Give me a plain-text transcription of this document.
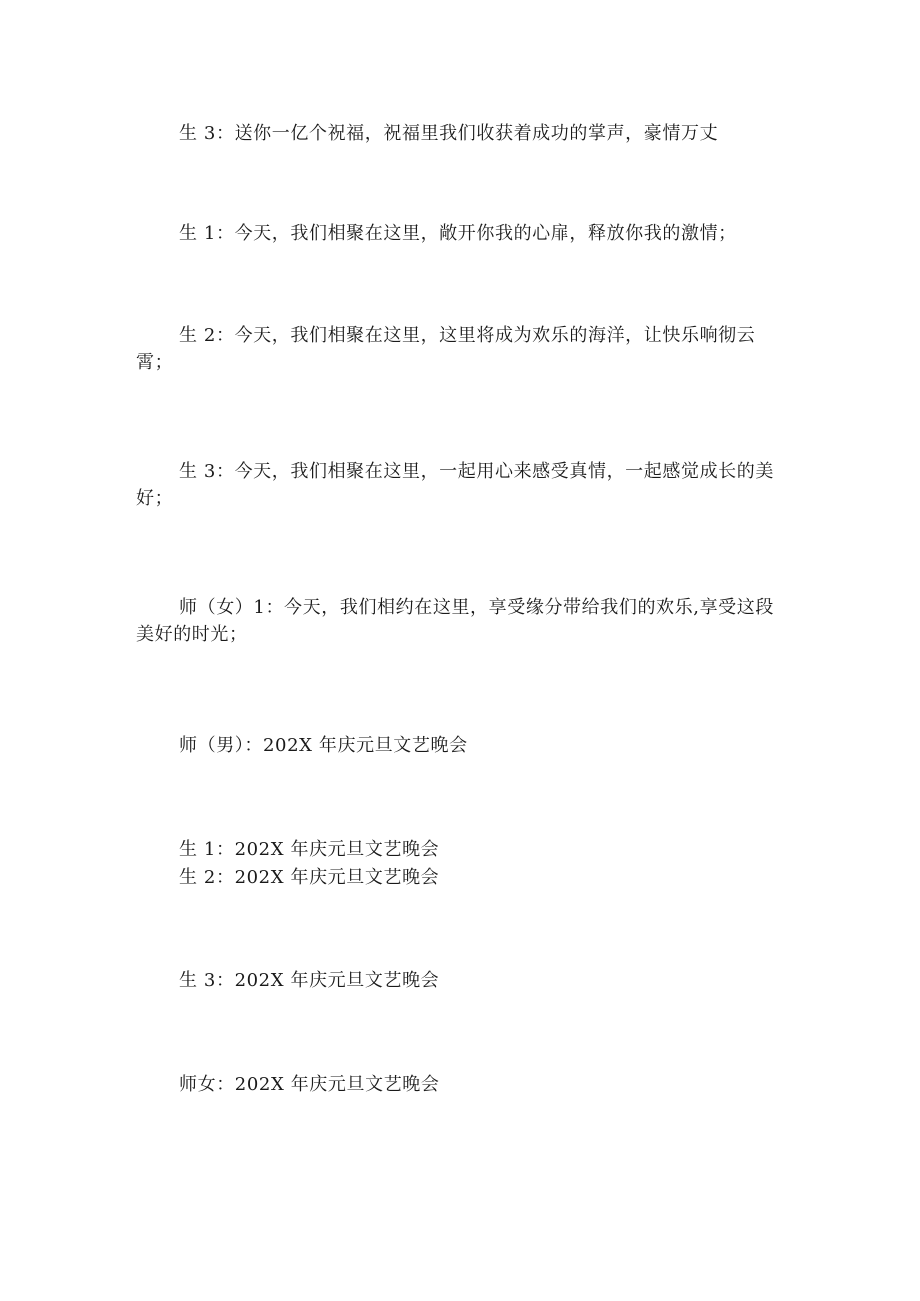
生 3：送你一亿个祝福，祝福里我们收获着成功的掌声，豪情万丈

生 1：今天，我们相聚在这里，敞开你我的心扉，释放你我的激情；

生 2：今天，我们相聚在这里，这里将成为欢乐的海洋，让快乐响彻云霄；

生 3：今天，我们相聚在这里，一起用心来感受真情，一起感觉成长的美好；

师（女）1：今天，我们相约在这里，享受缘分带给我们的欢乐,享受这段美好的时光；

师（男）：202X 年庆元旦文艺晚会

生 1：202X 年庆元旦文艺晚会

生 2：202X 年庆元旦文艺晚会

生 3：202X 年庆元旦文艺晚会

师女：202X 年庆元旦文艺晚会
